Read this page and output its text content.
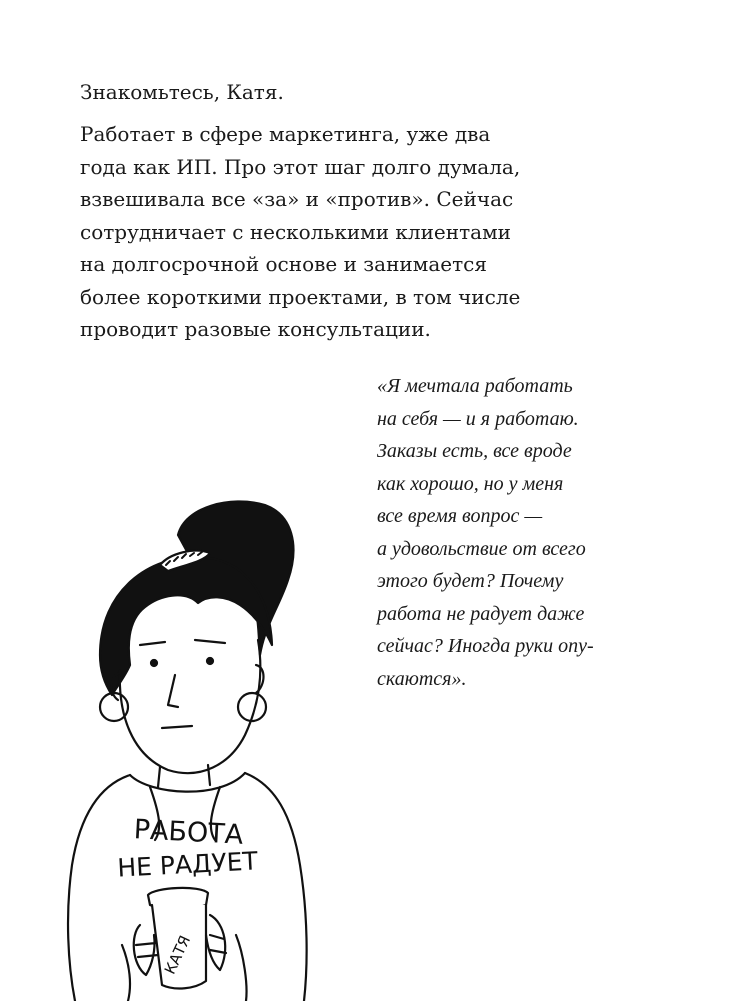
Знакомьтесь, Катя.

Работает в сфере маркетинга, уже два
года как ИП. Про этот шаг долго думала,
взвешивала все «за» и «против». Сейчас
сотрудничает с несколькими клиентами
на долгосрочной основе и занимается
более короткими проектами, в том числе
проводит разовые консультации.

«Я мечтала работать
на себя — и я работаю.
Заказы есть, все вроде
как хорошо, но у меня
все время вопрос —
а удовольствие от всего
этого будет? Почему
работа не радует даже
сейчас? Иногда руки опу-
скаются».

РАБОТА
НЕ РАДУЕТ
КАТЯ
